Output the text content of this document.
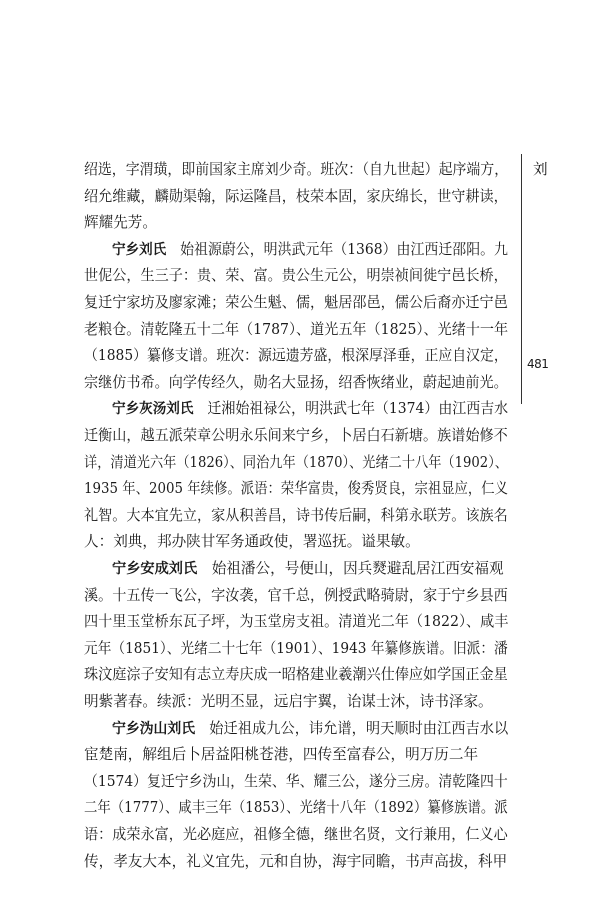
绍选，字渭璜，即前国家主席刘少奇。班次：（自九世起）起序端方，
绍允维藏，麟勋渠翰，际运隆昌，枝荣本固，家庆绵长，世守耕读，
辉耀先芳。
宁乡刘氏　始祖源蔚公，明洪武元年（1368）由江西迁邵阳。九
世伲公，生三子：贵、荣、富。贵公生元公，明崇祯间徙宁邑长桥，
复迁宁家坊及廖家滩；荣公生魁、儒，魁居邵邑，儒公后裔亦迁宁邑
老粮仓。清乾隆五十二年（1787）、道光五年（1825）、光绪十一年
（1885）纂修支谱。班次：源远遗芳盛，根深厚泽垂，正应自汉定，
宗继仿书希。向学传经久，勋名大显扬，绍香恢绪业，蔚起迪前光。
宁乡灰汤刘氏　迁湘始祖禄公，明洪武七年（1374）由江西吉水
迁衡山，越五派荣章公明永乐间来宁乡，卜居白石新塘。族谱始修不
详，清道光六年（1826）、同治九年（1870）、光绪二十八年（1902）、
1935 年、2005 年续修。派语：荣华富贵，俊秀贤良，宗祖显应，仁义
礼智。大本宜先立，家从积善昌，诗书传后嗣，科第永联芳。该族名
人：刘典，邦办陕甘军务通政使，署巡抚。谥果敏。
宁乡安成刘氏　始祖潘公，号便山，因兵燹避乱居江西安福观
溪。十五传一飞公，字汝袭，官千总，例授武略骑尉，家于宁乡县西
四十里玉堂桥东瓦子坪，为玉堂房支祖。清道光二年（1822）、咸丰
元年（1851）、光绪二十七年（1901）、1943 年纂修族谱。旧派：潘
珠汶庭淙子安知有志立寿庆成一昭格建业羲潮兴仕俸应如学国正金星
明紫著春。续派：光明丕显，远启宇翼，诒谋士沐，诗书泽家。
宁乡沩山刘氏　始迁祖成九公，讳允谱，明天顺时由江西吉水以
宦楚南，解组后卜居益阳桃苍港，四传至富春公，明万历二年
（1574）复迁宁乡沩山，生荣、华、耀三公，遂分三房。清乾隆四十
二年（1777）、咸丰三年（1853）、光绪十八年（1892）纂修族谱。派
语：成荣永富，光必庭应，祖修全德，继世名贤，文行兼用，仁义心
传，孝友大本，礼义宜先，元和自协，海宇同瞻，书声高拔，科甲
刘
481
